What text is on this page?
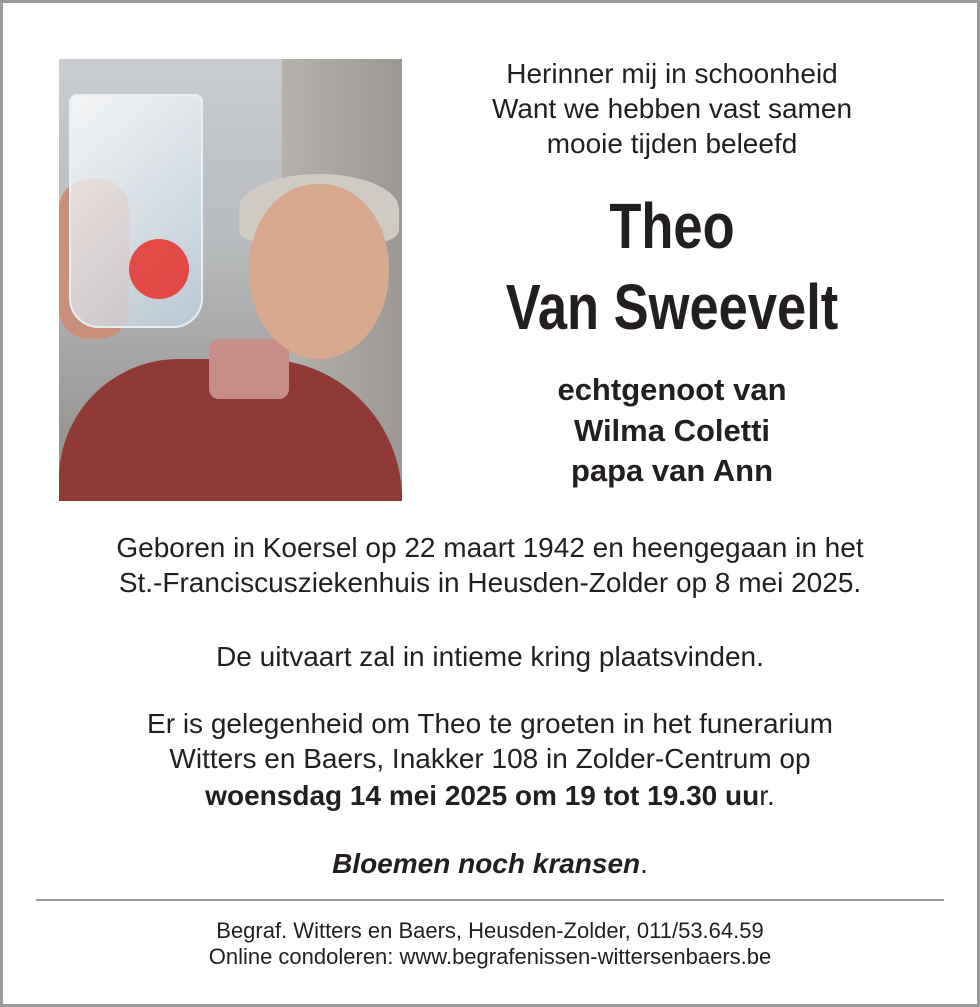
Herinner mij in schoonheid
Want we hebben vast samen
mooie tijden beleefd
Theo
Van Sweevelt
echtgenoot van
Wilma Coletti
papa van Ann
Geboren in Koersel op 22 maart 1942 en heengegaan in het
St.-Franciscusziekenhuis in Heusden-Zolder op 8 mei 2025.
De uitvaart zal in intieme kring plaatsvinden.
Er is gelegenheid om Theo te groeten in het funerarium
Witters en Baers, Inakker 108 in Zolder-Centrum op
woensdag 14 mei 2025 om 19 tot 19.30 uur.
Bloemen noch kransen.
Begraf. Witters en Baers, Heusden-Zolder, 011/53.64.59
Online condoleren: www.begrafenissen-wittersenbaers.be
